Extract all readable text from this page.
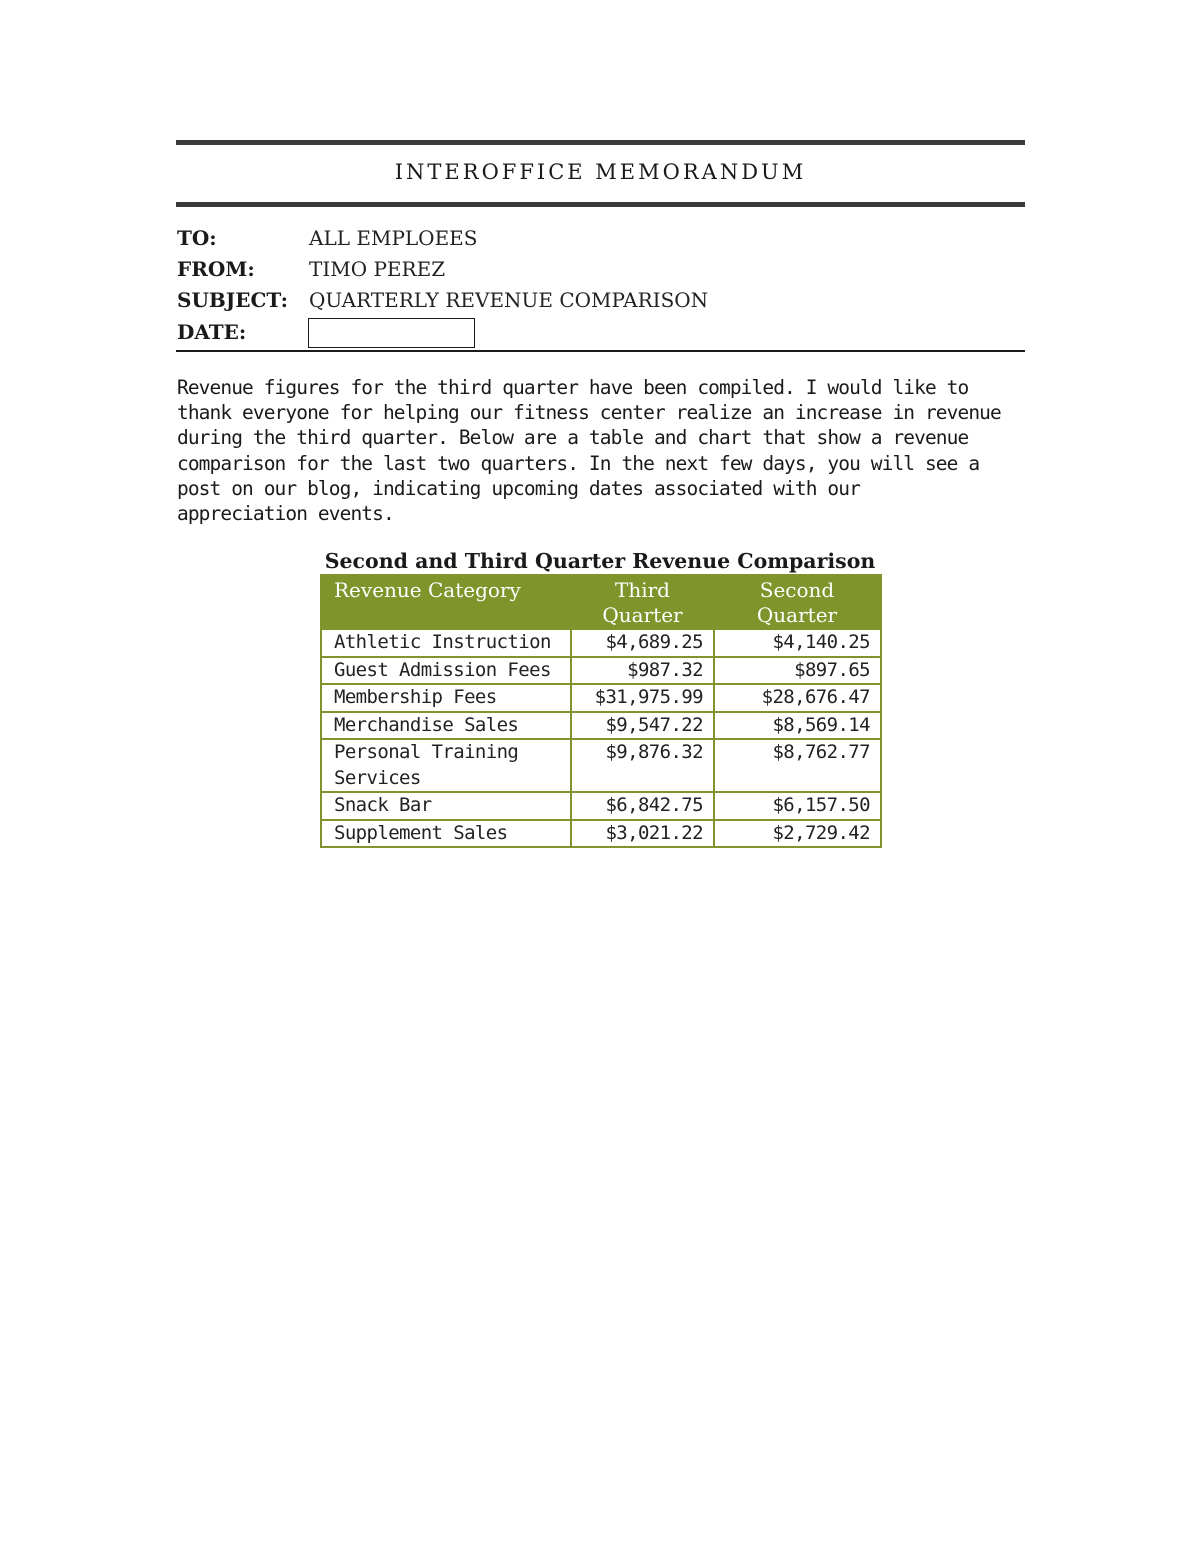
INTEROFFICE MEMORANDUM
TO:	ALL EMPLOEES
FROM:	TIMO PEREZ
SUBJECT: QUARTERLY REVENUE COMPARISON
DATE:
Revenue figures for the third quarter have been compiled. I would like to
thank everyone for helping our fitness center realize an increase in revenue
during the third quarter. Below are a table and chart that show a revenue
comparison for the last two quarters. In the next few days, you will see a
post on our blog, indicating upcoming dates associated with our
appreciation events.
Second and Third Quarter Revenue Comparison
Revenue Category	Third Quarter	Second Quarter
Athletic Instruction	$4,689.25	$4,140.25
Guest Admission Fees	$987.32	$897.65
Membership Fees	$31,975.99	$28,676.47
Merchandise Sales	$9,547.22	$8,569.14
Personal Training Services	$9,876.32	$8,762.77
Snack Bar	$6,842.75	$6,157.50
Supplement Sales	$3,021.22	$2,729.42
